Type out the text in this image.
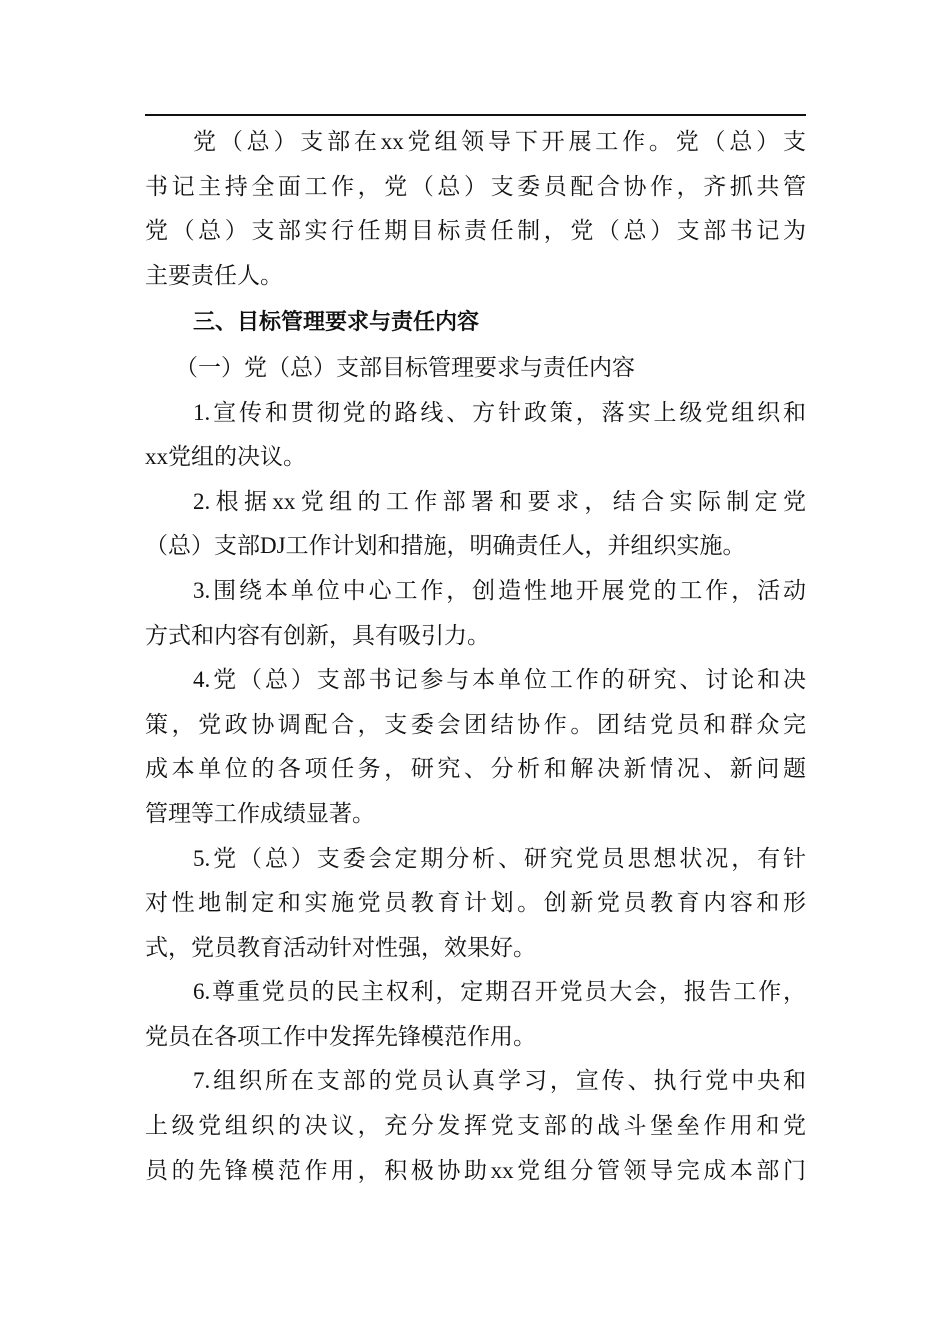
党（总）支部在xx党组领导下开展工作。党（总）支
书记主持全面工作，党（总）支委员配合协作，齐抓共管
党（总）支部实行任期目标责任制，党（总）支部书记为
主要责任人。
三、目标管理要求与责任内容
（一）党（总）支部目标管理要求与责任内容
1.宣传和贯彻党的路线、方针政策，落实上级党组织和
xx党组的决议。
2.根据xx党组的工作部署和要求，结合实际制定党
（总）支部DJ工作计划和措施，明确责任人，并组织实施。
3.围绕本单位中心工作，创造性地开展党的工作，活动
方式和内容有创新，具有吸引力。
4.党（总）支部书记参与本单位工作的研究、讨论和决
策，党政协调配合，支委会团结协作。团结党员和群众完
成本单位的各项任务，研究、分析和解决新情况、新问题
管理等工作成绩显著。
5.党（总）支委会定期分析、研究党员思想状况，有针
对性地制定和实施党员教育计划。创新党员教育内容和形
式，党员教育活动针对性强，效果好。
6.尊重党员的民主权利，定期召开党员大会，报告工作，
党员在各项工作中发挥先锋模范作用。
7.组织所在支部的党员认真学习，宣传、执行党中央和
上级党组织的决议，充分发挥党支部的战斗堡垒作用和党
员的先锋模范作用，积极协助xx党组分管领导完成本部门
